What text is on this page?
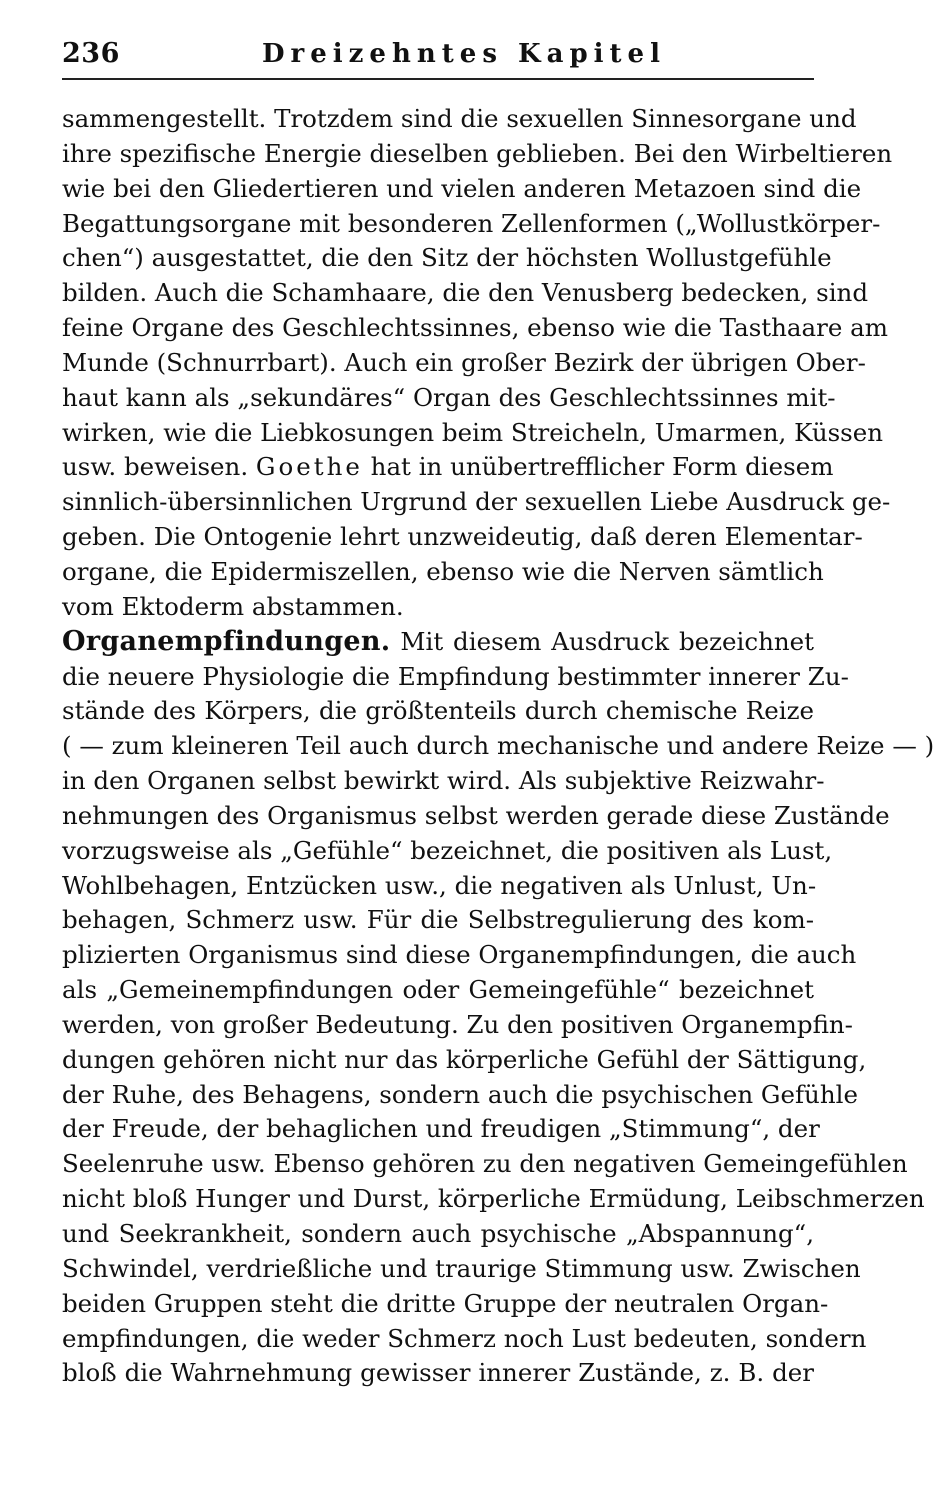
236	Dreizehntes Kapitel
sammengestellt. Trotzdem sind die sexuellen Sinnesorgane und
ihre spezifische Energie dieselben geblieben. Bei den Wirbeltieren
wie bei den Gliedertieren und vielen anderen Metazoen sind die
Begattungsorgane mit besonderen Zellenformen („Wollustkörper-
chen“) ausgestattet, die den Sitz der höchsten Wollustgefühle
bilden. Auch die Schamhaare, die den Venusberg bedecken, sind
feine Organe des Geschlechtssinnes, ebenso wie die Tasthaare am
Munde (Schnurrbart). Auch ein großer Bezirk der übrigen Ober-
haut kann als „sekundäres“ Organ des Geschlechtssinnes mit-
wirken, wie die Liebkosungen beim Streicheln, Umarmen, Küssen
usw. beweisen. Goethe hat in unübertrefflicher Form diesem
sinnlich-übersinnlichen Urgrund der sexuellen Liebe Ausdruck ge-
geben. Die Ontogenie lehrt unzweideutig, daß deren Elementar-
organe, die Epidermiszellen, ebenso wie die Nerven sämtlich
vom Ektoderm abstammen.
Organempfindungen. Mit diesem Ausdruck bezeichnet
die neuere Physiologie die Empfindung bestimmter innerer Zu-
stände des Körpers, die größtenteils durch chemische Reize
( — zum kleineren Teil auch durch mechanische und andere Reize — )
in den Organen selbst bewirkt wird. Als subjektive Reizwahr-
nehmungen des Organismus selbst werden gerade diese Zustände
vorzugsweise als „Gefühle“ bezeichnet, die positiven als Lust,
Wohlbehagen, Entzücken usw., die negativen als Unlust, Un-
behagen, Schmerz usw. Für die Selbstregulierung des kom-
plizierten Organismus sind diese Organempfindungen, die auch
als „Gemeinempfindungen oder Gemeingefühle“ bezeichnet
werden, von großer Bedeutung. Zu den positiven Organempfin-
dungen gehören nicht nur das körperliche Gefühl der Sättigung,
der Ruhe, des Behagens, sondern auch die psychischen Gefühle
der Freude, der behaglichen und freudigen „Stimmung“, der
Seelenruhe usw. Ebenso gehören zu den negativen Gemeingefühlen
nicht bloß Hunger und Durst, körperliche Ermüdung, Leibschmerzen
und Seekrankheit, sondern auch psychische „Abspannung“,
Schwindel, verdrießliche und traurige Stimmung usw. Zwischen
beiden Gruppen steht die dritte Gruppe der neutralen Organ-
empfindungen, die weder Schmerz noch Lust bedeuten, sondern
bloß die Wahrnehmung gewisser innerer Zustände, z. B. der
